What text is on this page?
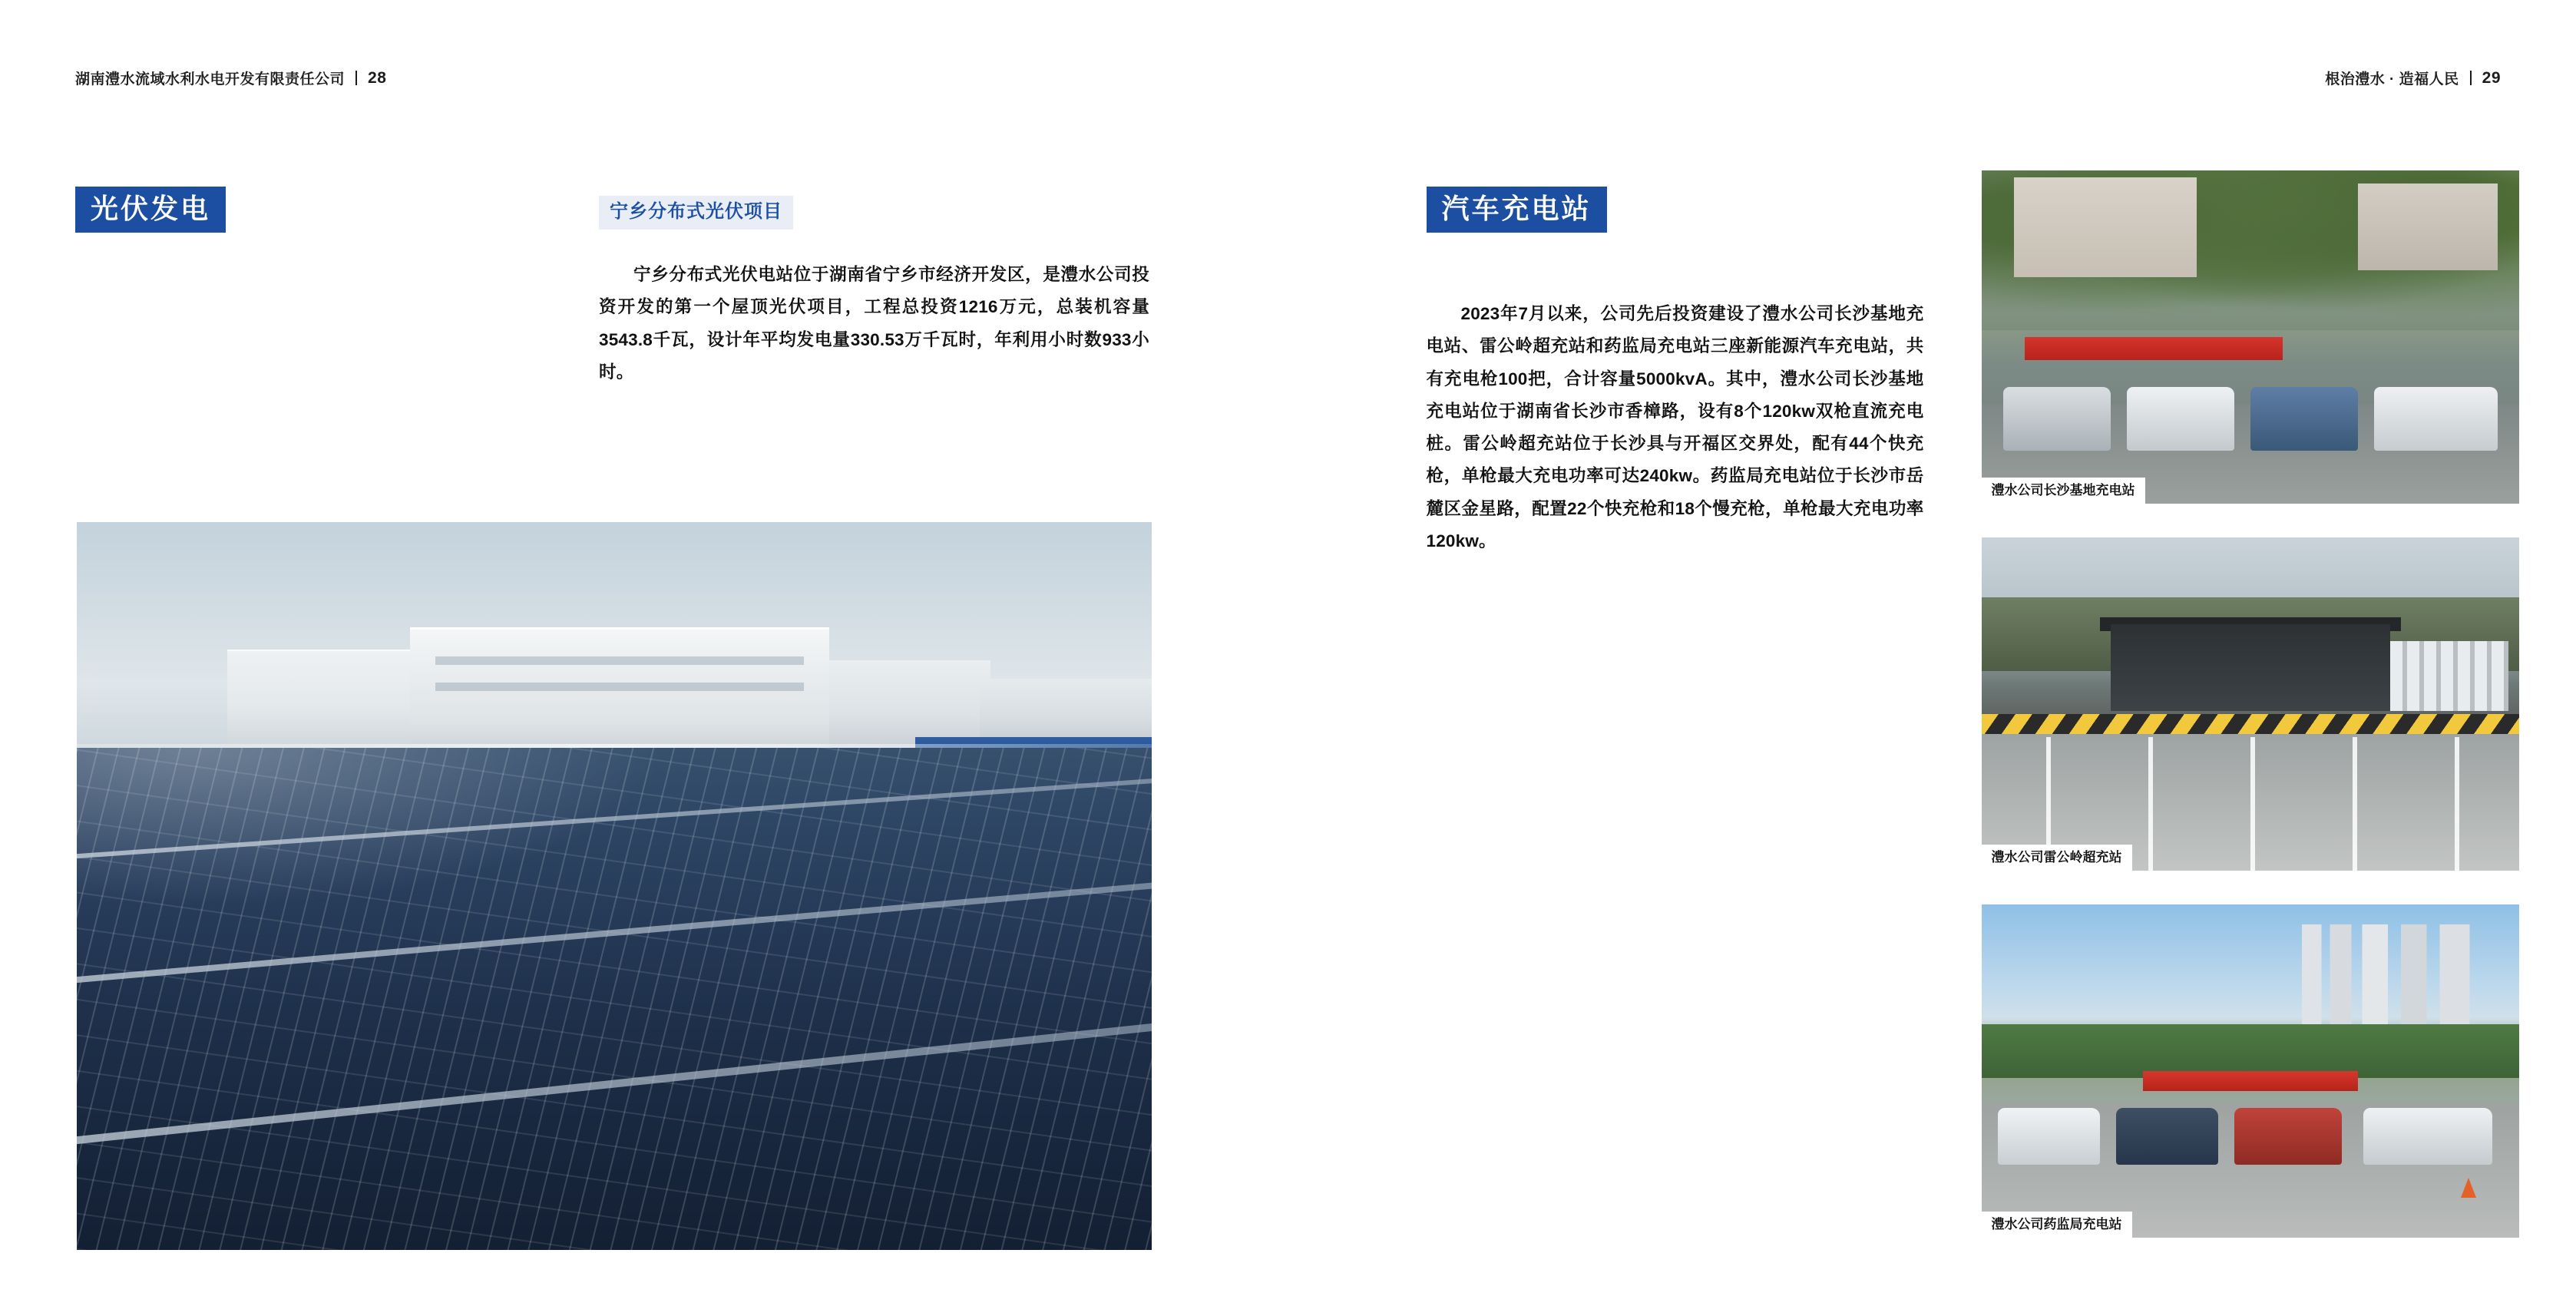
湖南澧水流域水利水电开发有限责任公司 28
光伏发电	宁乡分布式光伏项目

宁乡分布式光伏电站位于湖南省宁乡市经济开发区，是澧水公司投资开发的第一个屋顶光伏项目，工程总投资1216万元，总装机容量3543.8千瓦，设计年平均发电量330.53万千瓦时，年利用小时数933小时。

根治澧水 · 造福人民 29
汽车充电站

2023年7月以来，公司先后投资建设了澧水公司长沙基地充电站、雷公岭超充站和药监局充电站三座新能源汽车充电站，共有充电枪100把，合计容量5000kvA。其中，澧水公司长沙基地充电站位于湖南省长沙市香樟路，设有8个120kw双枪直流充电桩。雷公岭超充站位于长沙具与开福区交界处，配有44个快充枪，单枪最大充电功率可达240kw。药监局充电站位于长沙市岳麓区金星路，配置22个快充枪和18个慢充枪，单枪最大充电功率120kw。

澧水公司长沙基地充电站
澧水公司雷公岭超充站
澧水公司药监局充电站
